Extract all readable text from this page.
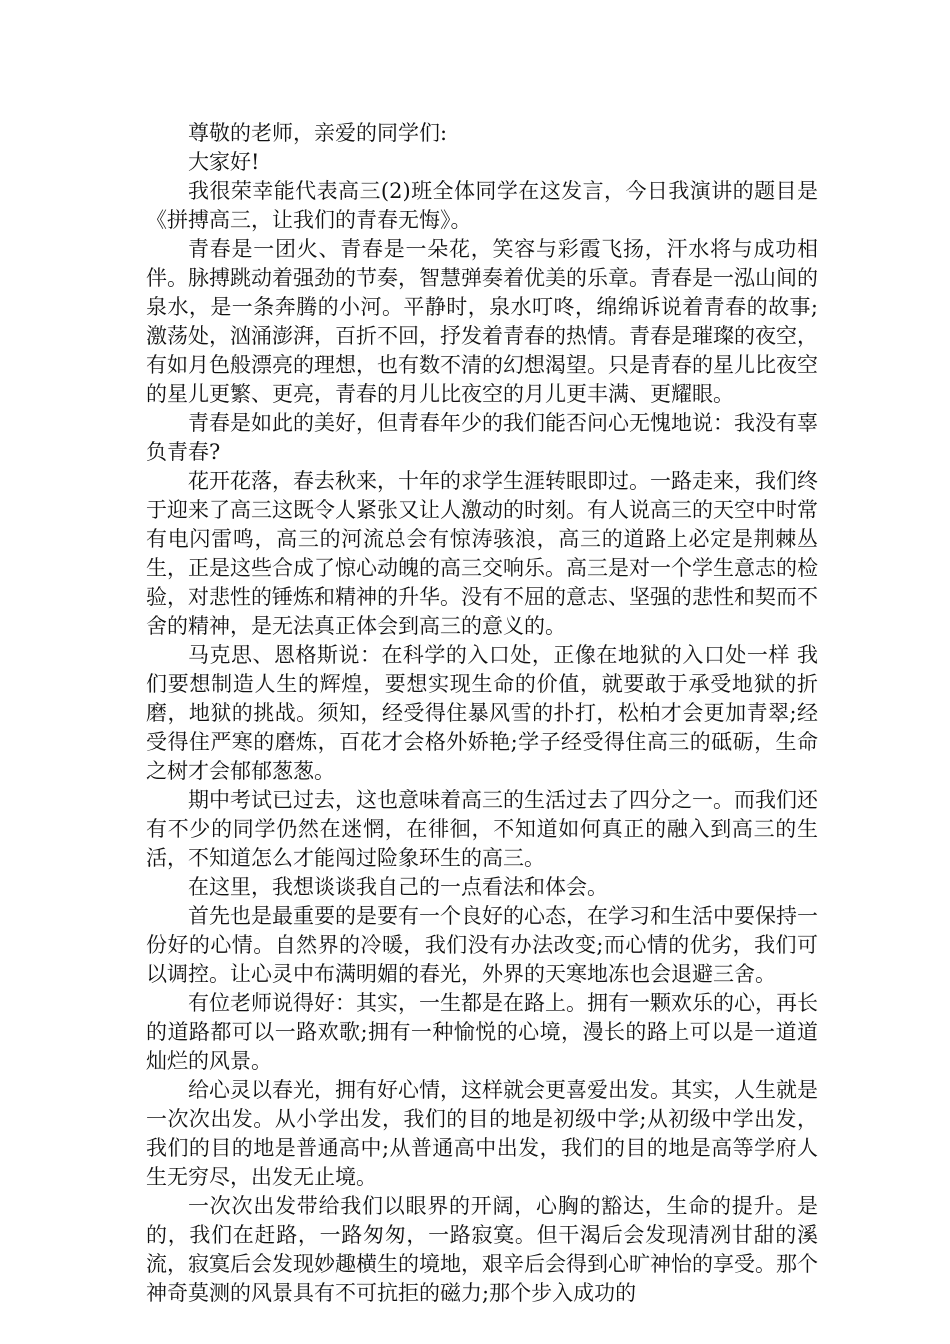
尊敬的老师，亲爱的同学们:

大家好!

我很荣幸能代表高三(2)班全体同学在这发言，今日我演讲的题目是《拼搏高三，让我们的青春无悔》。

青春是一团火、青春是一朵花，笑容与彩霞飞扬，汗水将与成功相伴。脉搏跳动着强劲的节奏，智慧弹奏着优美的乐章。青春是一泓山间的泉水，是一条奔腾的小河。平静时，泉水叮咚，绵绵诉说着青春的故事;激荡处，汹涌澎湃，百折不回，抒发着青春的热情。青春是璀璨的夜空，有如月色般漂亮的理想，也有数不清的幻想渴望。只是青春的星儿比夜空的星儿更繁、更亮，青春的月儿比夜空的月儿更丰满、更耀眼。

青春是如此的美好，但青春年少的我们能否问心无愧地说：我没有辜负青春?

花开花落，春去秋来，十年的求学生涯转眼即过。一路走来，我们终于迎来了高三这既令人紧张又让人激动的时刻。有人说高三的天空中时常有电闪雷鸣，高三的河流总会有惊涛骇浪，高三的道路上必定是荆棘丛生，正是这些合成了惊心动魄的高三交响乐。高三是对一个学生意志的检验，对悲性的锤炼和精神的升华。没有不屈的意志、坚强的悲性和契而不舍的精神，是无法真正体会到高三的意义的。

马克思、恩格斯说：在科学的入口处，正像在地狱的入口处一样 我们要想制造人生的辉煌，要想实现生命的价值，就要敢于承受地狱的折磨，地狱的挑战。须知，经受得住暴风雪的扑打，松柏才会更加青翠;经受得住严寒的磨炼，百花才会格外娇艳;学子经受得住高三的砥砺，生命之树才会郁郁葱葱。

期中考试已过去，这也意味着高三的生活过去了四分之一。而我们还有不少的同学仍然在迷惘，在徘徊，不知道如何真正的融入到高三的生活，不知道怎么才能闯过险象环生的高三。

在这里，我想谈谈我自己的一点看法和体会。

首先也是最重要的是要有一个良好的心态，在学习和生活中要保持一份好的心情。自然界的冷暖，我们没有办法改变;而心情的优劣，我们可以调控。让心灵中布满明媚的春光，外界的天寒地冻也会退避三舍。

有位老师说得好：其实，一生都是在路上。拥有一颗欢乐的心，再长的道路都可以一路欢歌;拥有一种愉悦的心境，漫长的路上可以是一道道灿烂的风景。

给心灵以春光，拥有好心情，这样就会更喜爱出发。其实，人生就是一次次出发。从小学出发，我们的目的地是初级中学;从初级中学出发，我们的目的地是普通高中;从普通高中出发，我们的目的地是高等学府人生无穷尽，出发无止境。

一次次出发带给我们以眼界的开阔，心胸的豁达，生命的提升。是的，我们在赶路，一路匆匆，一路寂寞。但干渴后会发现清冽甘甜的溪流，寂寞后会发现妙趣横生的境地，艰辛后会得到心旷神怡的享受。那个神奇莫测的风景具有不可抗拒的磁力;那个步入成功的
